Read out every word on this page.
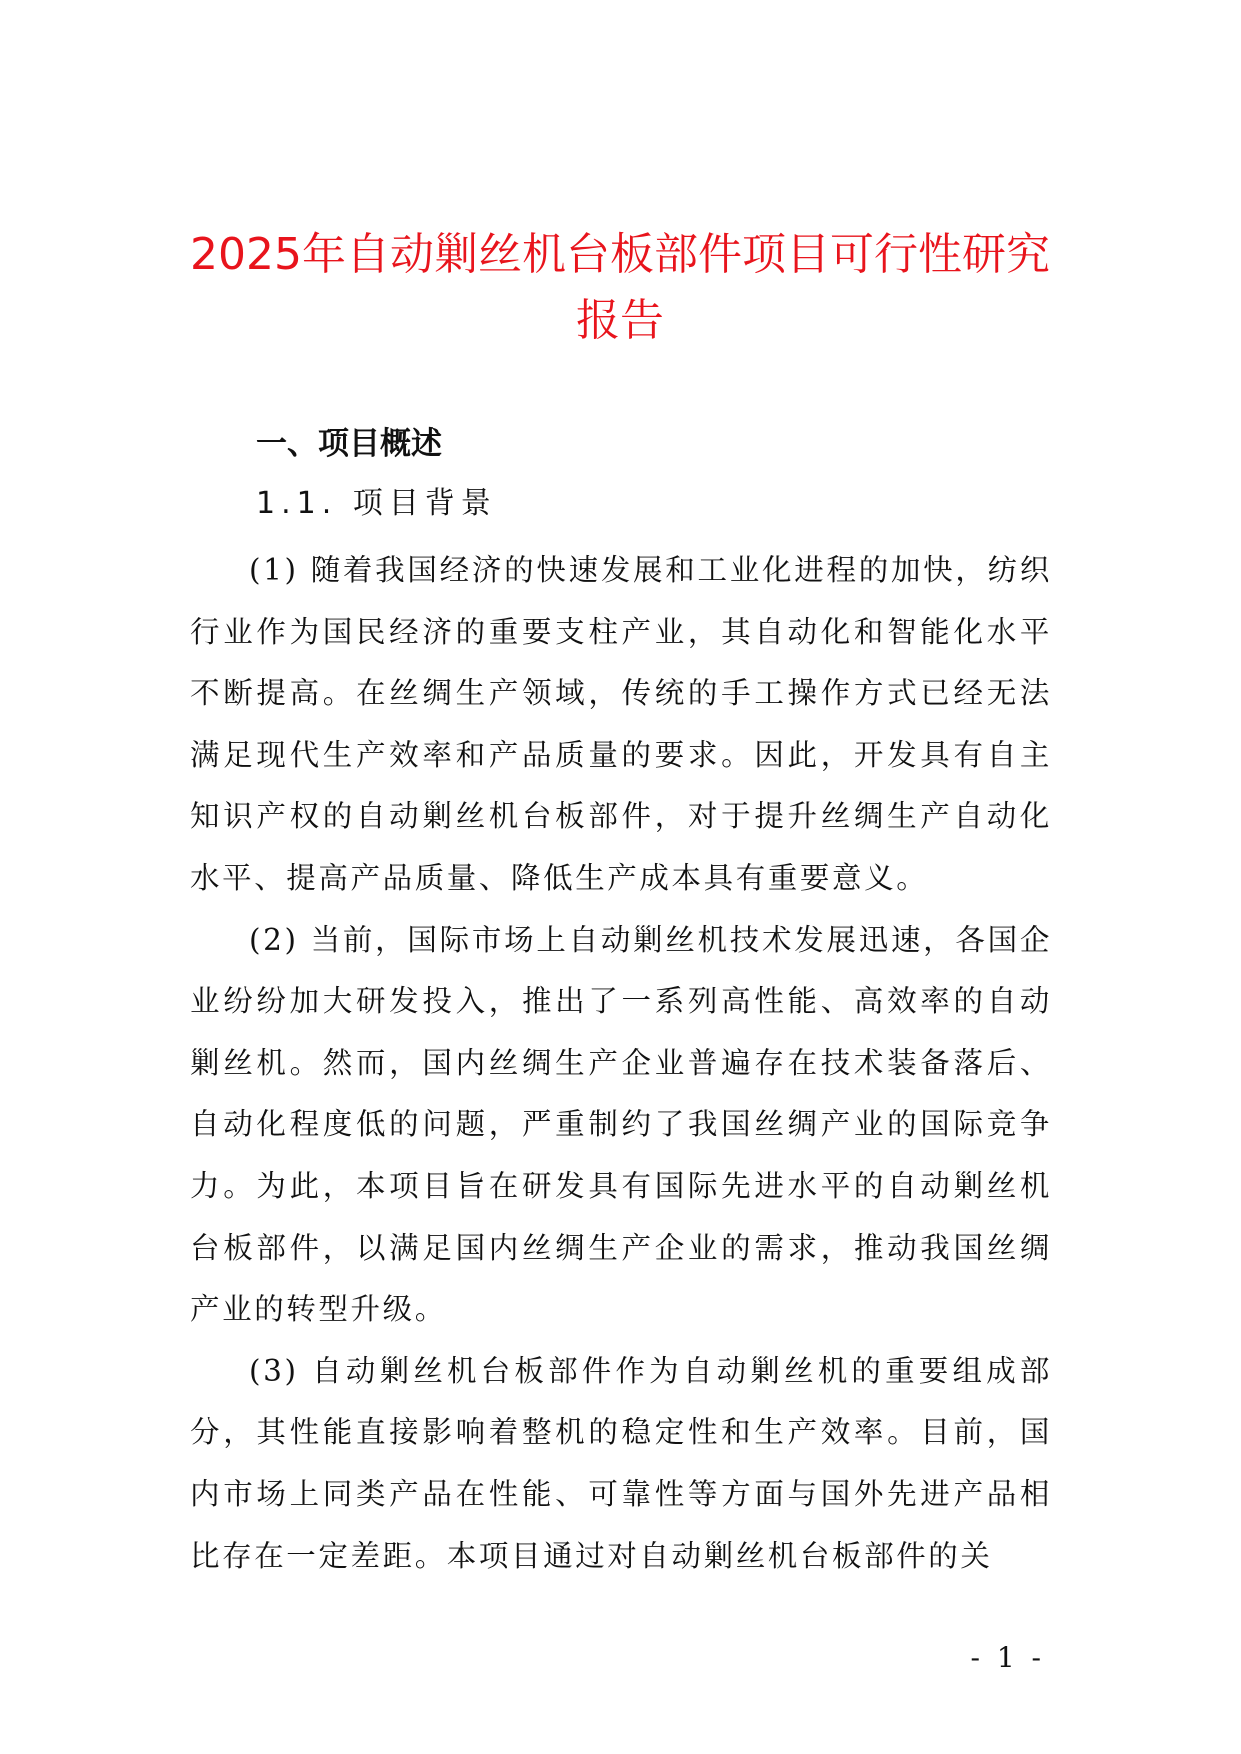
2025年自动剿丝机台板部件项目可行性研究报告
一、项目概述
1.1. 项目背景

(1) 随着我国经济的快速发展和工业化进程的加快，纺织行业作为国民经济的重要支柱产业，其自动化和智能化水平不断提高。在丝绸生产领域，传统的手工操作方式已经无法满足现代生产效率和产品质量的要求。因此，开发具有自主知识产权的自动剿丝机台板部件，对于提升丝绸生产自动化水平、提高产品质量、降低生产成本具有重要意义。

(2) 当前，国际市场上自动剿丝机技术发展迅速，各国企业纷纷加大研发投入，推出了一系列高性能、高效率的自动剿丝机。然而，国内丝绸生产企业普遍存在技术装备落后、自动化程度低的问题，严重制约了我国丝绸产业的国际竞争力。为此，本项目旨在研发具有国际先进水平的自动剿丝机台板部件，以满足国内丝绸生产企业的需求，推动我国丝绸产业的转型升级。

(3) 自动剿丝机台板部件作为自动剿丝机的重要组成部分，其性能直接影响着整机的稳定性和生产效率。目前，国内市场上同类产品在性能、可靠性等方面与国外先进产品相比存在一定差距。本项目通过对自动剿丝机台板部件的关

- 1 -
